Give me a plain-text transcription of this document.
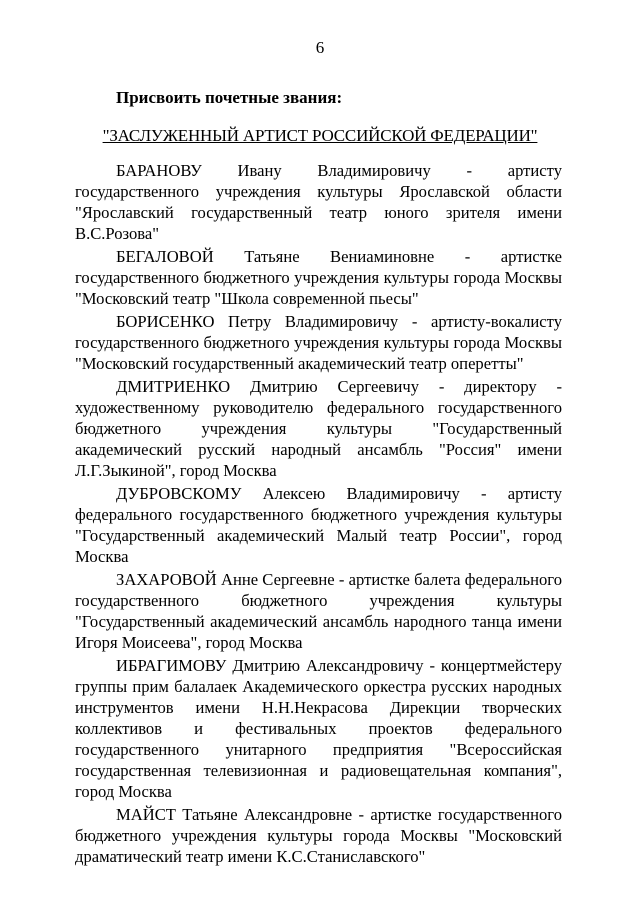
6
Присвоить почетные звания:
"ЗАСЛУЖЕННЫЙ АРТИСТ РОССИЙСКОЙ ФЕДЕРАЦИИ"

БАРАНОВУ Ивану Владимировичу - артисту государственного учреждения культуры Ярославской области "Ярославский государственный театр юного зрителя имени В.С.Розова"

БЕГАЛОВОЙ Татьяне Вениаминовне - артистке государственного бюджетного учреждения культуры города Москвы "Московский театр "Школа современной пьесы"

БОРИСЕНКО Петру Владимировичу - артисту-вокалисту государственного бюджетного учреждения культуры города Москвы "Московский государственный академический театр оперетты"

ДМИТРИЕНКО Дмитрию Сергеевичу - директору - художественному руководителю федерального государственного бюджетного учреждения культуры "Государственный академический русский народный ансамбль "Россия" имени Л.Г.Зыкиной", город Москва

ДУБРОВСКОМУ Алексею Владимировичу - артисту федерального государственного бюджетного учреждения культуры "Государственный академический Малый театр России", город Москва

ЗАХАРОВОЙ Анне Сергеевне - артистке балета федерального государственного бюджетного учреждения культуры "Государственный академический ансамбль народного танца имени Игоря Моисеева", город Москва

ИБРАГИМОВУ Дмитрию Александровичу - концертмейстеру группы прим балалаек Академического оркестра русских народных инструментов имени Н.Н.Некрасова Дирекции творческих коллективов и фестивальных проектов федерального государственного унитарного предприятия "Всероссийская государственная телевизионная и радиовещательная компания", город Москва

МАЙСТ Татьяне Александровне - артистке государственного бюджетного учреждения культуры города Москвы "Московский драматический театр имени К.С.Станиславского"
